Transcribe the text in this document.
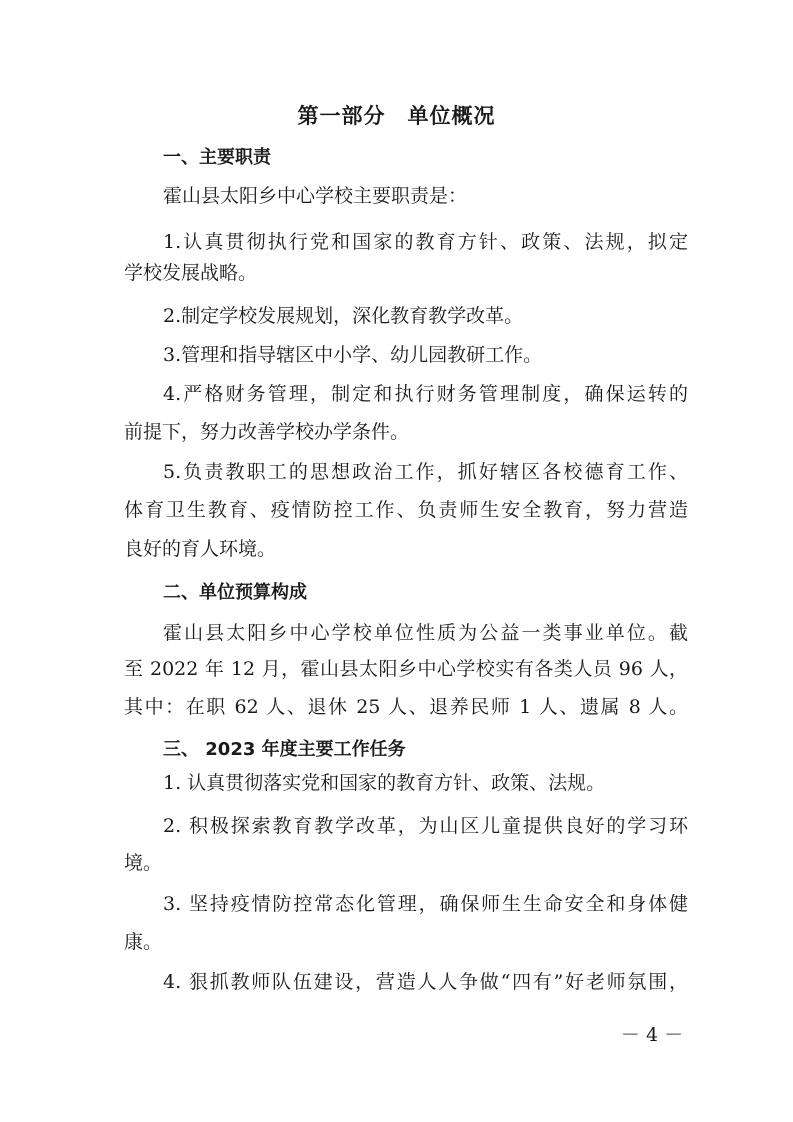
第一部分　单位概况
一、主要职责
霍山县太阳乡中心学校主要职责是：
1.认真贯彻执行党和国家的教育方针、政策、法规，拟定
学校发展战略。
2.制定学校发展规划，深化教育教学改革。
3.管理和指导辖区中小学、幼儿园教研工作。
4.严格财务管理，制定和执行财务管理制度，确保运转的
前提下，努力改善学校办学条件。
5.负责教职工的思想政治工作，抓好辖区各校德育工作、
体育卫生教育、疫情防控工作、负责师生安全教育，努力营造
良好的育人环境。
二、单位预算构成
霍山县太阳乡中心学校单位性质为公益一类事业单位。截
至 2022 年 12 月，霍山县太阳乡中心学校实有各类人员 96 人，
其中：在职 62 人、退休 25 人、退养民师 1 人、遗属 8 人。
三、 2023 年度主要工作任务
1. 认真贯彻落实党和国家的教育方针、政策、法规。
2. 积极探索教育教学改革，为山区儿童提供良好的学习环
境。
3. 坚持疫情防控常态化管理，确保师生生命安全和身体健
康。
4. 狠抓教师队伍建设，营造人人争做“四有”好老师氛围，
－ 4 －
